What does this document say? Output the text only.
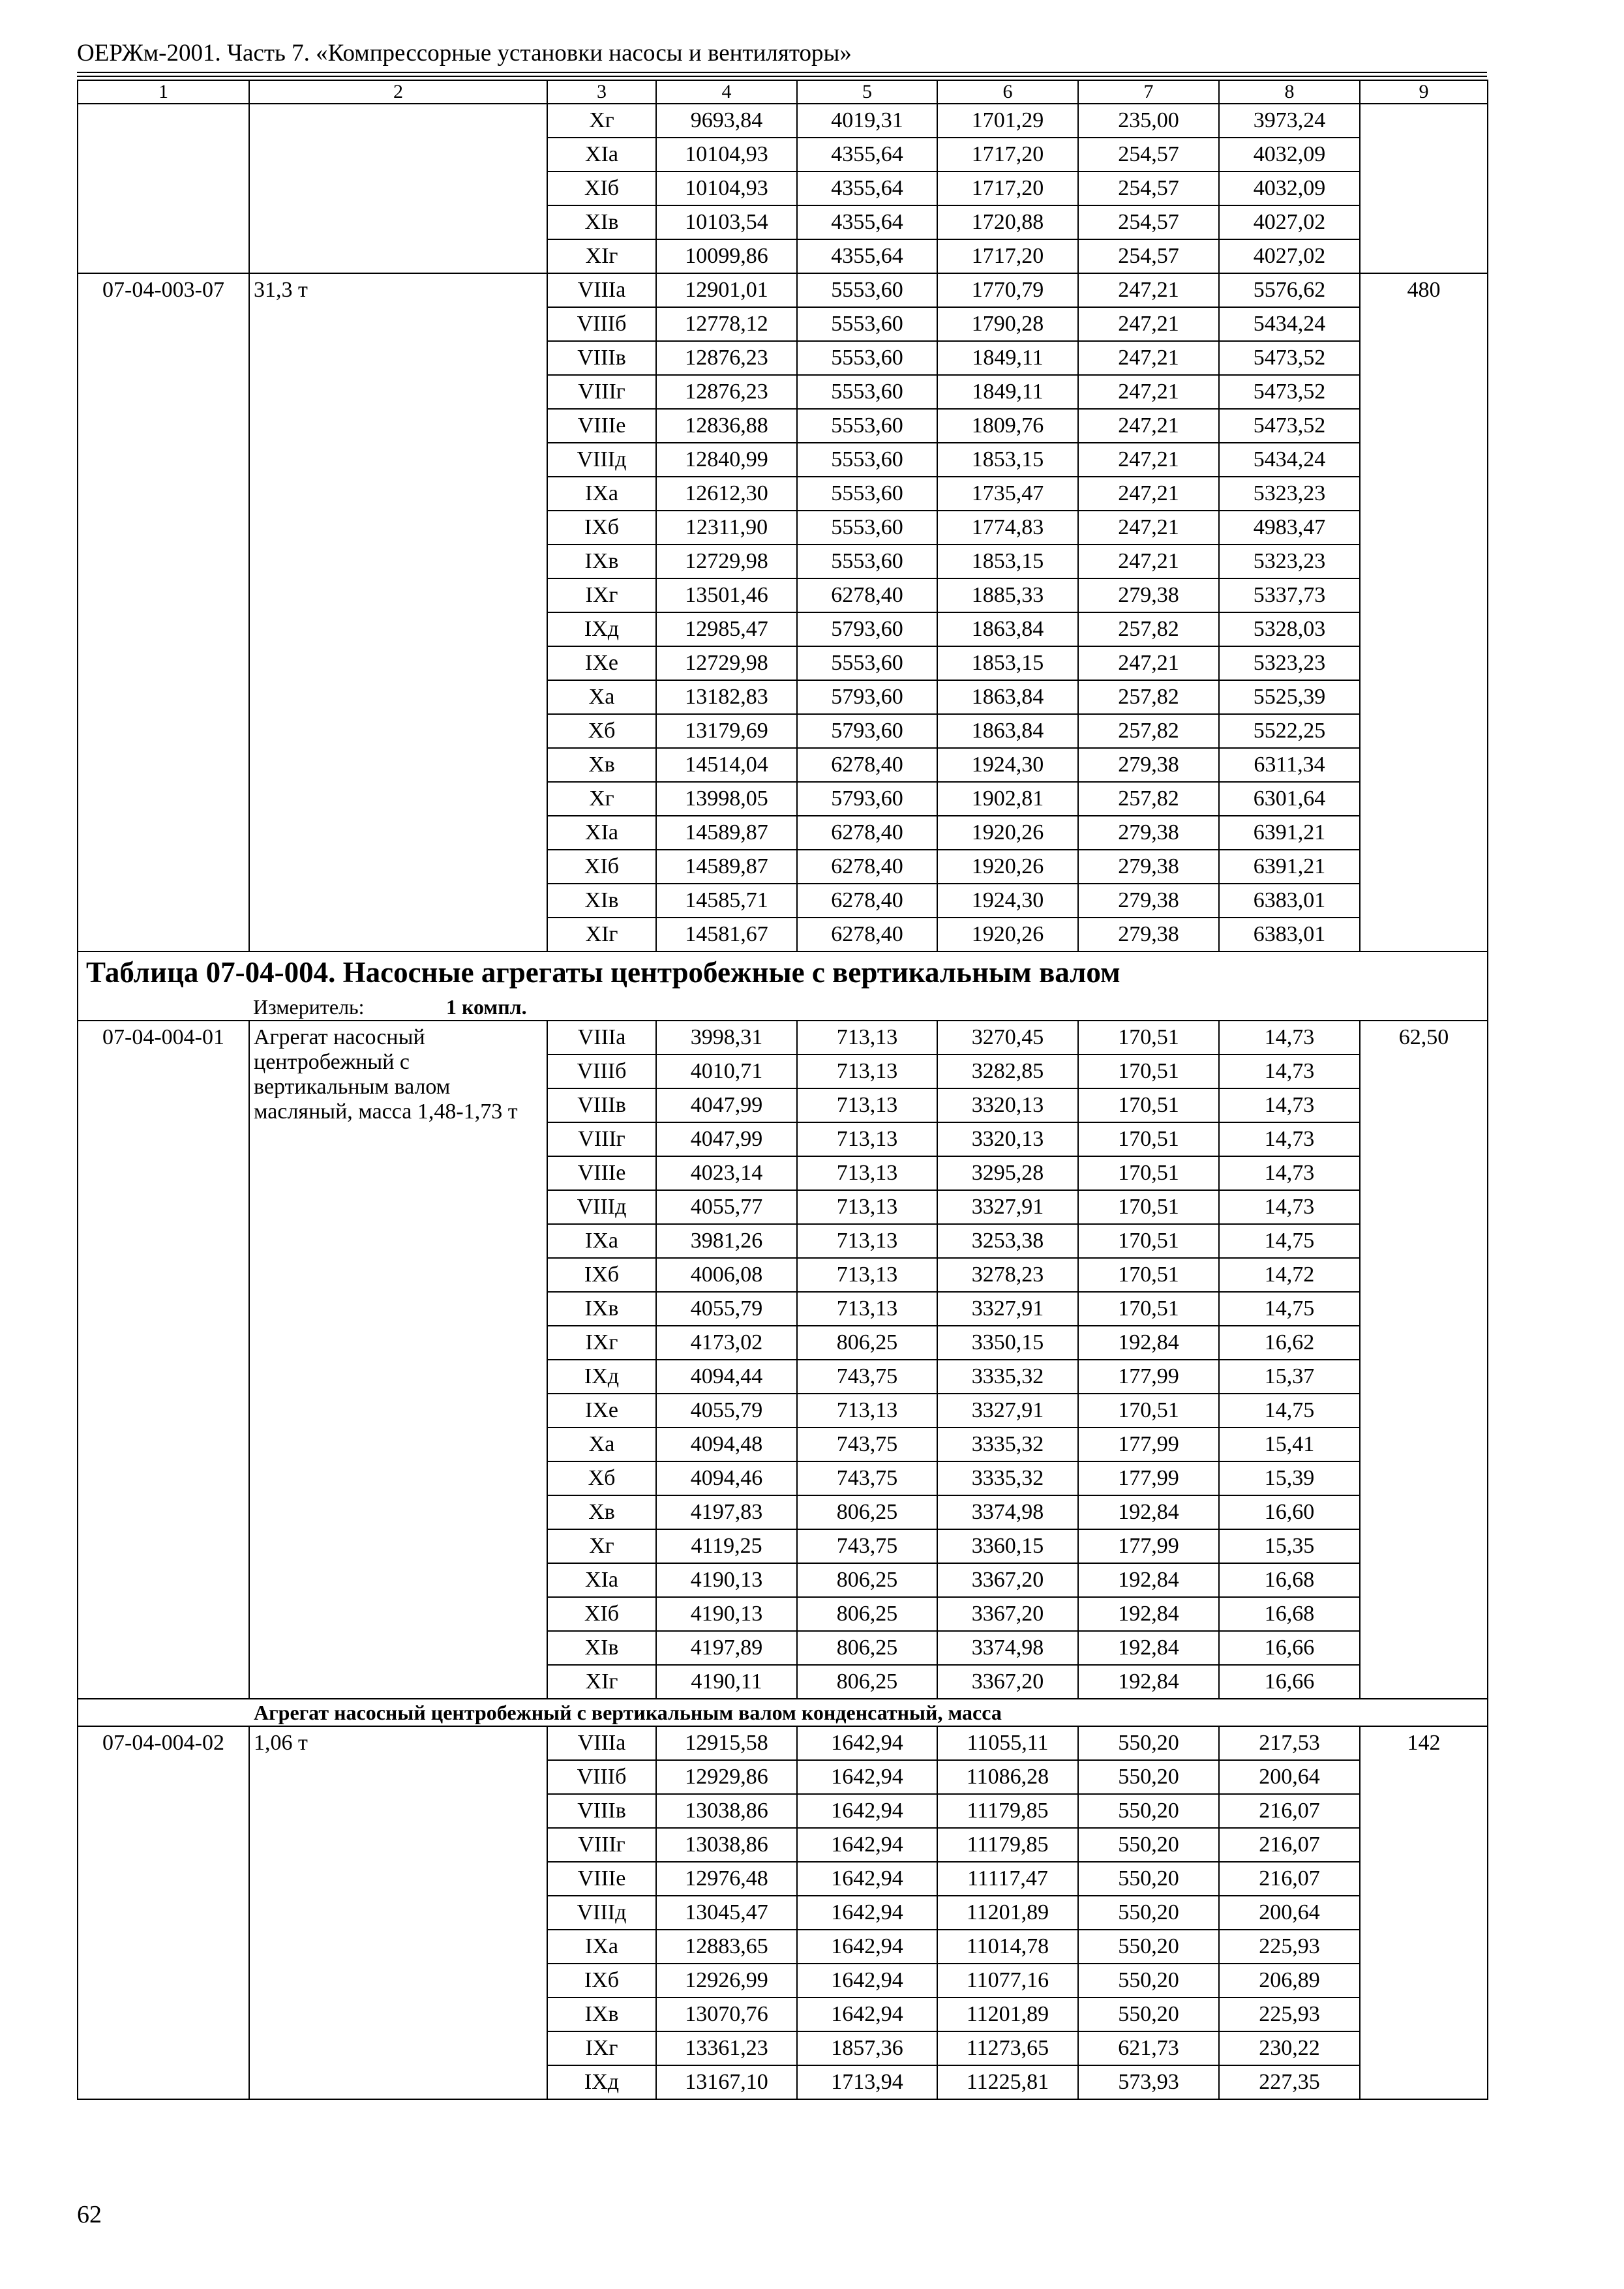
ОЕРЖм-2001. Часть 7. «Компрессорные установки насосы и вентиляторы»
1	2	3	4	5	6	7	8	9
		Xг	9693,84	4019,31	1701,29	235,00	3973,24	
		XIа	10104,93	4355,64	1717,20	254,57	4032,09	
		XIб	10104,93	4355,64	1717,20	254,57	4032,09	
		XIв	10103,54	4355,64	1720,88	254,57	4027,02	
		XIг	10099,86	4355,64	1717,20	254,57	4027,02	
07-04-003-07	31,3 т	VIIIа	12901,01	5553,60	1770,79	247,21	5576,62	480
		VIIIб	12778,12	5553,60	1790,28	247,21	5434,24	
		VIIIв	12876,23	5553,60	1849,11	247,21	5473,52	
		VIIIг	12876,23	5553,60	1849,11	247,21	5473,52	
		VIIIе	12836,88	5553,60	1809,76	247,21	5473,52	
		VIIIд	12840,99	5553,60	1853,15	247,21	5434,24	
		IXа	12612,30	5553,60	1735,47	247,21	5323,23	
		IXб	12311,90	5553,60	1774,83	247,21	4983,47	
		IXв	12729,98	5553,60	1853,15	247,21	5323,23	
		IXг	13501,46	6278,40	1885,33	279,38	5337,73	
		IXд	12985,47	5793,60	1863,84	257,82	5328,03	
		IXе	12729,98	5553,60	1853,15	247,21	5323,23	
		Xа	13182,83	5793,60	1863,84	257,82	5525,39	
		Xб	13179,69	5793,60	1863,84	257,82	5522,25	
		Xв	14514,04	6278,40	1924,30	279,38	6311,34	
		Xг	13998,05	5793,60	1902,81	257,82	6301,64	
		XIа	14589,87	6278,40	1920,26	279,38	6391,21	
		XIб	14589,87	6278,40	1920,26	279,38	6391,21	
		XIв	14585,71	6278,40	1924,30	279,38	6383,01	
		XIг	14581,67	6278,40	1920,26	279,38	6383,01	
Таблица 07-04-004. Насосные агрегаты центробежные с вертикальным валом								
Измеритель: 1 компл.								
07-04-004-01	Агрегат насосный центробежный с вертикальным валом масляный, масса 1,48-1,73 т	VIIIа	3998,31	713,13	3270,45	170,51	14,73	62,50
		VIIIб	4010,71	713,13	3282,85	170,51	14,73	
		VIIIв	4047,99	713,13	3320,13	170,51	14,73	
		VIIIг	4047,99	713,13	3320,13	170,51	14,73	
		VIIIе	4023,14	713,13	3295,28	170,51	14,73	
		VIIIд	4055,77	713,13	3327,91	170,51	14,73	
		IXа	3981,26	713,13	3253,38	170,51	14,75	
		IXб	4006,08	713,13	3278,23	170,51	14,72	
		IXв	4055,79	713,13	3327,91	170,51	14,75	
		IXг	4173,02	806,25	3350,15	192,84	16,62	
		IXд	4094,44	743,75	3335,32	177,99	15,37	
		IXе	4055,79	713,13	3327,91	170,51	14,75	
		Xа	4094,48	743,75	3335,32	177,99	15,41	
		Xб	4094,46	743,75	3335,32	177,99	15,39	
		Xв	4197,83	806,25	3374,98	192,84	16,60	
		Xг	4119,25	743,75	3360,15	177,99	15,35	
		XIа	4190,13	806,25	3367,20	192,84	16,68	
		XIб	4190,13	806,25	3367,20	192,84	16,68	
		XIв	4197,89	806,25	3374,98	192,84	16,66	
		XIг	4190,11	806,25	3367,20	192,84	16,66	
	Агрегат насосный центробежный с вертикальным валом конденсатный, масса							
07-04-004-02	1,06 т	VIIIа	12915,58	1642,94	11055,11	550,20	217,53	142
		VIIIб	12929,86	1642,94	11086,28	550,20	200,64	
		VIIIв	13038,86	1642,94	11179,85	550,20	216,07	
		VIIIг	13038,86	1642,94	11179,85	550,20	216,07	
		VIIIе	12976,48	1642,94	11117,47	550,20	216,07	
		VIIIд	13045,47	1642,94	11201,89	550,20	200,64	
		IXа	12883,65	1642,94	11014,78	550,20	225,93	
		IXб	12926,99	1642,94	11077,16	550,20	206,89	
		IXв	13070,76	1642,94	11201,89	550,20	225,93	
		IXг	13361,23	1857,36	11273,65	621,73	230,22	
		IXд	13167,10	1713,94	11225,81	573,93	227,35	
62
